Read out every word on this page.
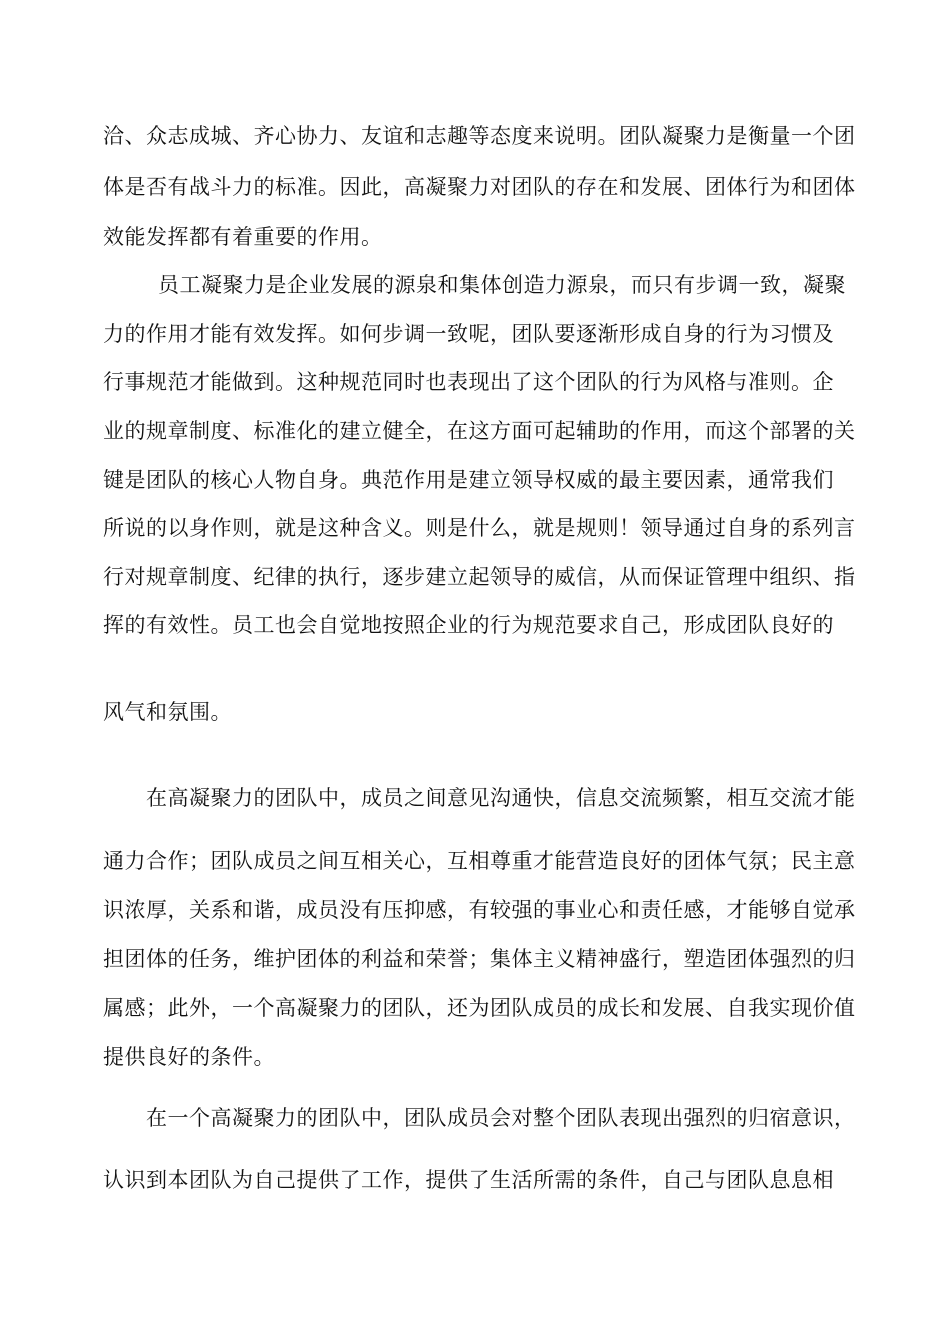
洽、众志成城、齐心协力、友谊和志趣等态度来说明。团队凝聚力是衡量一个团
体是否有战斗力的标准。因此，高凝聚力对团队的存在和发展、团体行为和团体
效能发挥都有着重要的作用。
员工凝聚力是企业发展的源泉和集体创造力源泉，而只有步调一致，凝聚
力的作用才能有效发挥。如何步调一致呢，团队要逐渐形成自身的行为习惯及
行事规范才能做到。这种规范同时也表现出了这个团队的行为风格与准则。企
业的规章制度、标准化的建立健全，在这方面可起辅助的作用，而这个部署的关
键是团队的核心人物自身。典范作用是建立领导权威的最主要因素，通常我们
所说的以身作则，就是这种含义。则是什么，就是规则！领导通过自身的系列言
行对规章制度、纪律的执行，逐步建立起领导的威信，从而保证管理中组织、指
挥的有效性。员工也会自觉地按照企业的行为规范要求自己，形成团队良好的
风气和氛围。
在高凝聚力的团队中，成员之间意见沟通快，信息交流频繁，相互交流才能
通力合作；团队成员之间互相关心，互相尊重才能营造良好的团体气氛；民主意
识浓厚，关系和谐，成员没有压抑感，有较强的事业心和责任感，才能够自觉承
担团体的任务，维护团体的利益和荣誉；集体主义精神盛行，塑造团体强烈的归
属感；此外，一个高凝聚力的团队，还为团队成员的成长和发展、自我实现价值
提供良好的条件。
在一个高凝聚力的团队中，团队成员会对整个团队表现出强烈的归宿意识，
认识到本团队为自己提供了工作，提供了生活所需的条件，自己与团队息息相
